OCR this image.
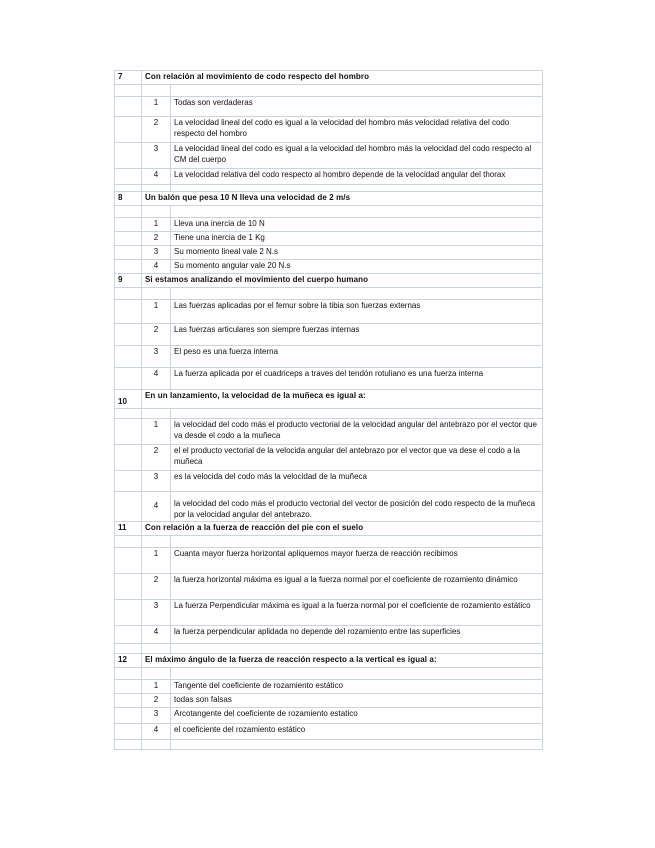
7	Con relación al movimiento de codo respecto del hombro	

	1	Todas son verdaderas
	2	La velocidad lineal del codo es igual a la velocidad del hombro más velocidad relativa del codo respecto del hombro
	3	La velocidad lineal del codo es igual a la velocidad del hombro más la velocidad del codo respecto al CM del cuerpo
	4	La velocidad relativa del codo respecto al hombro depende de la velocidad angular del thorax

8	Un balón que pesa 10 N lleva una velocidad de 2 m/s	

	1	Lleva una inercia de 10 N
	2	Tiene una inercia de 1 Kg
	3	Su momento lineal vale 2 N.s
	4	Su momento angular vale 20 N.s
9	Si estamos analizando el movimiento del cuerpo humano	

	1	Las fuerzas aplicadas por el femur sobre la tibia son fuerzas externas
	2	Las fuerzas articulares son siempre fuerzas internas
	3	El peso es una fuerza interna
	4	La fuerza aplicada por el cuadriceps a traves del tendón rotuliano es una fuerza interna
10	En un lanzamiento, la velocidad de la muñeca es igual a:	

	1	la velocidad del codo más el producto vectorial de la velocidad angular del antebrazo por el vector que va desde el codo a la muñeca
	2	el el producto vectorial de la velocida angular del antebrazo por el vector que va dese el codo a la muñeca
	3	es la velocida del codo más la velocidad de la muñeca
	4	la velocidad del codo más el producto vectorial del vector de posición del codo respecto de la muñeca por la velocidad angular del antebrazo.
11	Con relación a la fuerza de reacción del pie con el suelo	

	1	Cuanta mayor fuerza horizontal apliquemos mayor fuerza de reacción recibimos
	2	la fuerza horizontal máxima es igual a la fuerza normal por el coeficiente de rozamiento dinámico
	3	La fuerza Perpendicular máxima es igual a la fuerza normal por el coeficiente de rozamiento estático
	4	la fuerza perpendicular aplidada no depende del rozamiento entre las superficies

12	El máximo ángulo de la fuerza de reacción respecto a la vertical es igual a:	

	1	Tangente del coeficiente de rozamiento estático
	2	todas son falsas
	3	Arcotangente del coeficiente de rozamiento estatico
	4	el coeficiente del rozamiento estático
